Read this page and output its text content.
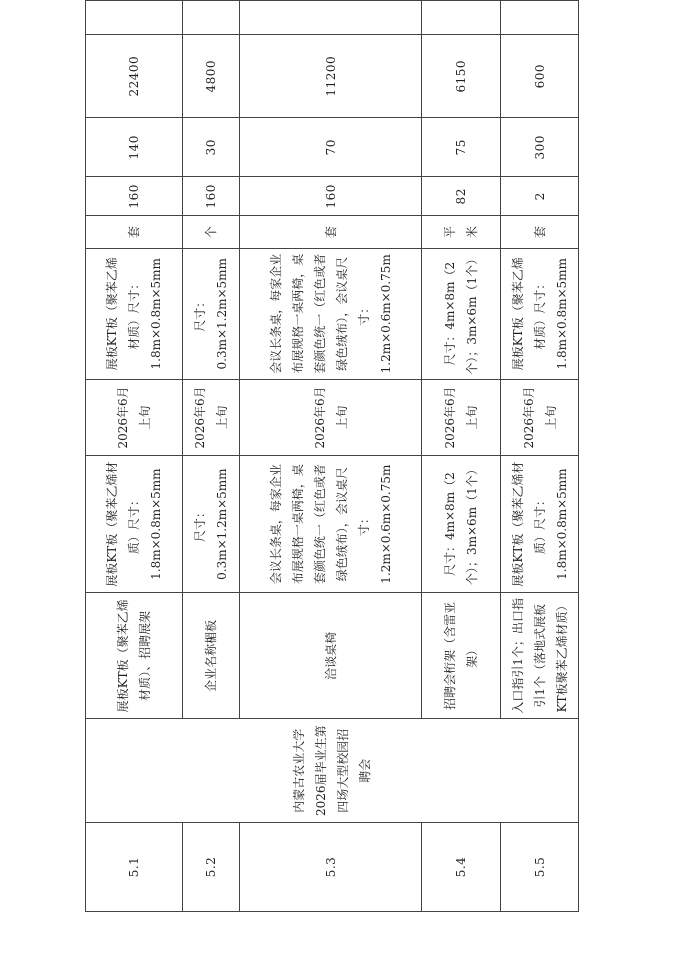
5.1	内蒙古农业大学2026届毕业生第四场大型校园招聘会	展板KT板（聚苯乙烯材质）、招聘展架	展板KT板（聚苯乙烯材质）尺寸：1.8m×0.8m×5mm	2026年6月上旬	展板KT板（聚苯乙烯材质）尺寸：1.8m×0.8m×5mm	套	160	140	22400	
5.2		企业名称楣板	尺寸：0.3m×1.2m×5mm	2026年6月上旬	尺寸：0.3m×1.2m×5mm	个	160	30	4800	
5.3		洽谈桌椅	会议长条桌，每家企业布展规格一桌两椅，桌套颜色统一（红色或者绿色绒布），会议桌尺寸：1.2m×0.6m×0.75m	2026年6月上旬	会议长条桌，每家企业布展规格一桌两椅，桌套颜色统一（红色或者绿色绒布），会议桌尺寸：1.2m×0.6m×0.75m	套	160	70	11200	
5.4		招聘会桁架（含雷亚架）	尺寸：4m×8m（2个）；3m×6m（1个）	2026年6月上旬	尺寸：4m×8m（2个）；3m×6m（1个）	平米	82	75	6150	
5.5		入口指引1个；出口指引1个（落地式展板KT板聚苯乙烯材质）	展板KT板（聚苯乙烯材质）尺寸：1.8m×0.8m×5mm	2026年6月上旬	展板KT板（聚苯乙烯材质）尺寸：1.8m×0.8m×5mm	套	2	300	600	
